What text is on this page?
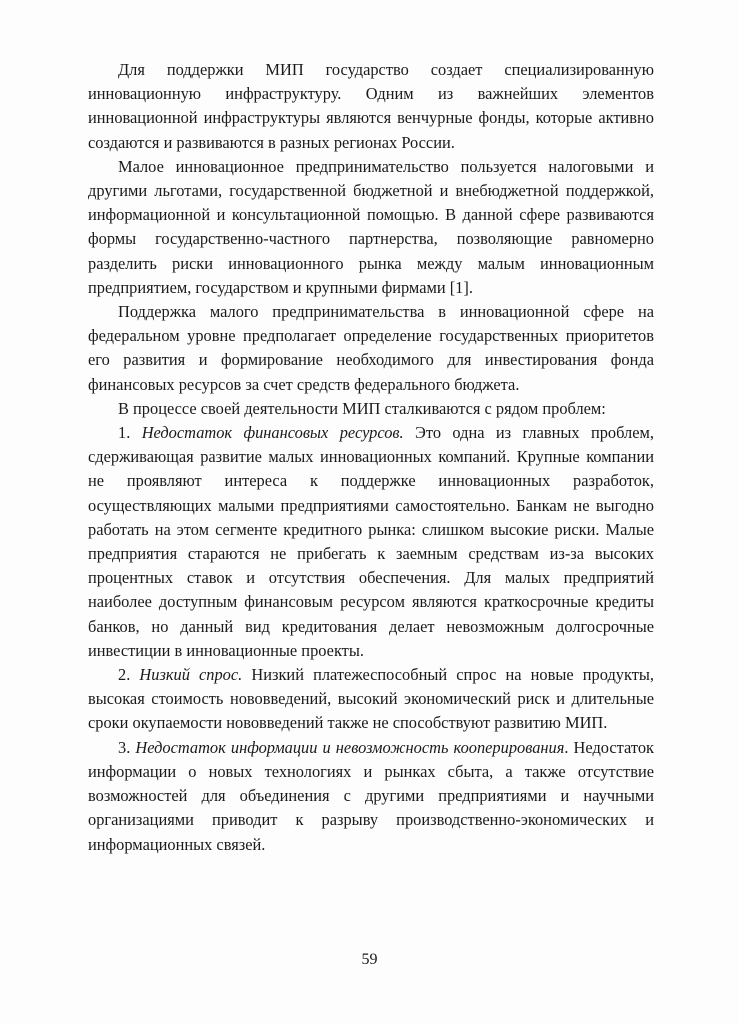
Для поддержки МИП государство создает специализированную инновационную инфраструктуру. Одним из важнейших элементов инновационной инфраструктуры являются венчурные фонды, которые активно создаются и развиваются в разных регионах России.

Малое инновационное предпринимательство пользуется налоговыми и другими льготами, государственной бюджетной и внебюджетной поддержкой, информационной и консультационной помощью. В данной сфере развиваются формы государственно-частного партнерства, позволяющие равномерно разделить риски инновационного рынка между малым инновационным предприятием, государством и крупными фирмами [1].

Поддержка малого предпринимательства в инновационной сфере на федеральном уровне предполагает определение государственных приоритетов его развития и формирование необходимого для инвестирования фонда финансовых ресурсов за счет средств федерального бюджета.

В процессе своей деятельности МИП сталкиваются с рядом проблем:

1. Недостаток финансовых ресурсов. Это одна из главных проблем, сдерживающая развитие малых инновационных компаний. Крупные компании не проявляют интереса к поддержке инновационных разработок, осуществляющих малыми предприятиями самостоятельно. Банкам не выгодно работать на этом сегменте кредитного рынка: слишком высокие риски. Малые предприятия стараются не прибегать к заемным средствам из-за высоких процентных ставок и отсутствия обеспечения. Для малых предприятий наиболее доступным финансовым ресурсом являются краткосрочные кредиты банков, но данный вид кредитования делает невозможным долгосрочные инвестиции в инновационные проекты.

2. Низкий спрос. Низкий платежеспособный спрос на новые продукты, высокая стоимость нововведений, высокий экономический риск и длительные сроки окупаемости нововведений также не способствуют развитию МИП.

3. Недостаток информации и невозможность кооперирования. Недостаток информации о новых технологиях и рынках сбыта, а также отсутствие возможностей для объединения с другими предприятиями и научными организациями приводит к разрыву производственно-экономических и информационных связей.

59
